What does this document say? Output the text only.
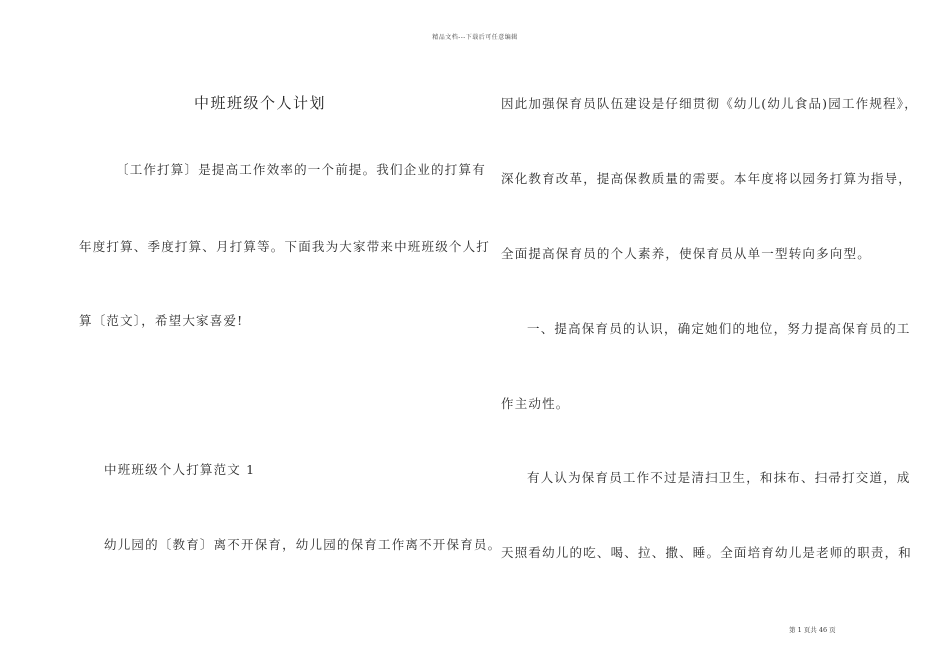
精品文档---下载后可任意编辑
中班班级个人计划
〔工作打算〕是提高工作效率的一个前提。我们企业的打算有
年度打算、季度打算、月打算等。下面我为大家带来中班班级个人打
算〔范文〕，希望大家喜爱!
中班班级个人打算范文 1
幼儿园的〔教育〕离不开保育，幼儿园的保育工作离不开保育员。
因此加强保育员队伍建设是仔细贯彻《幼儿(幼儿食品)园工作规程》，
深化教育改革，提高保教质量的需要。本年度将以园务打算为指导，
全面提高保育员的个人素养，使保育员从单一型转向多向型。
一、提高保育员的认识，确定她们的地位，努力提高保育员的工
作主动性。
有人认为保育员工作不过是清扫卫生，和抹布、扫帚打交道，成
天照看幼儿的吃、喝、拉、撒、睡。全面培育幼儿是老师的职责，和
第 1 页共 46 页
